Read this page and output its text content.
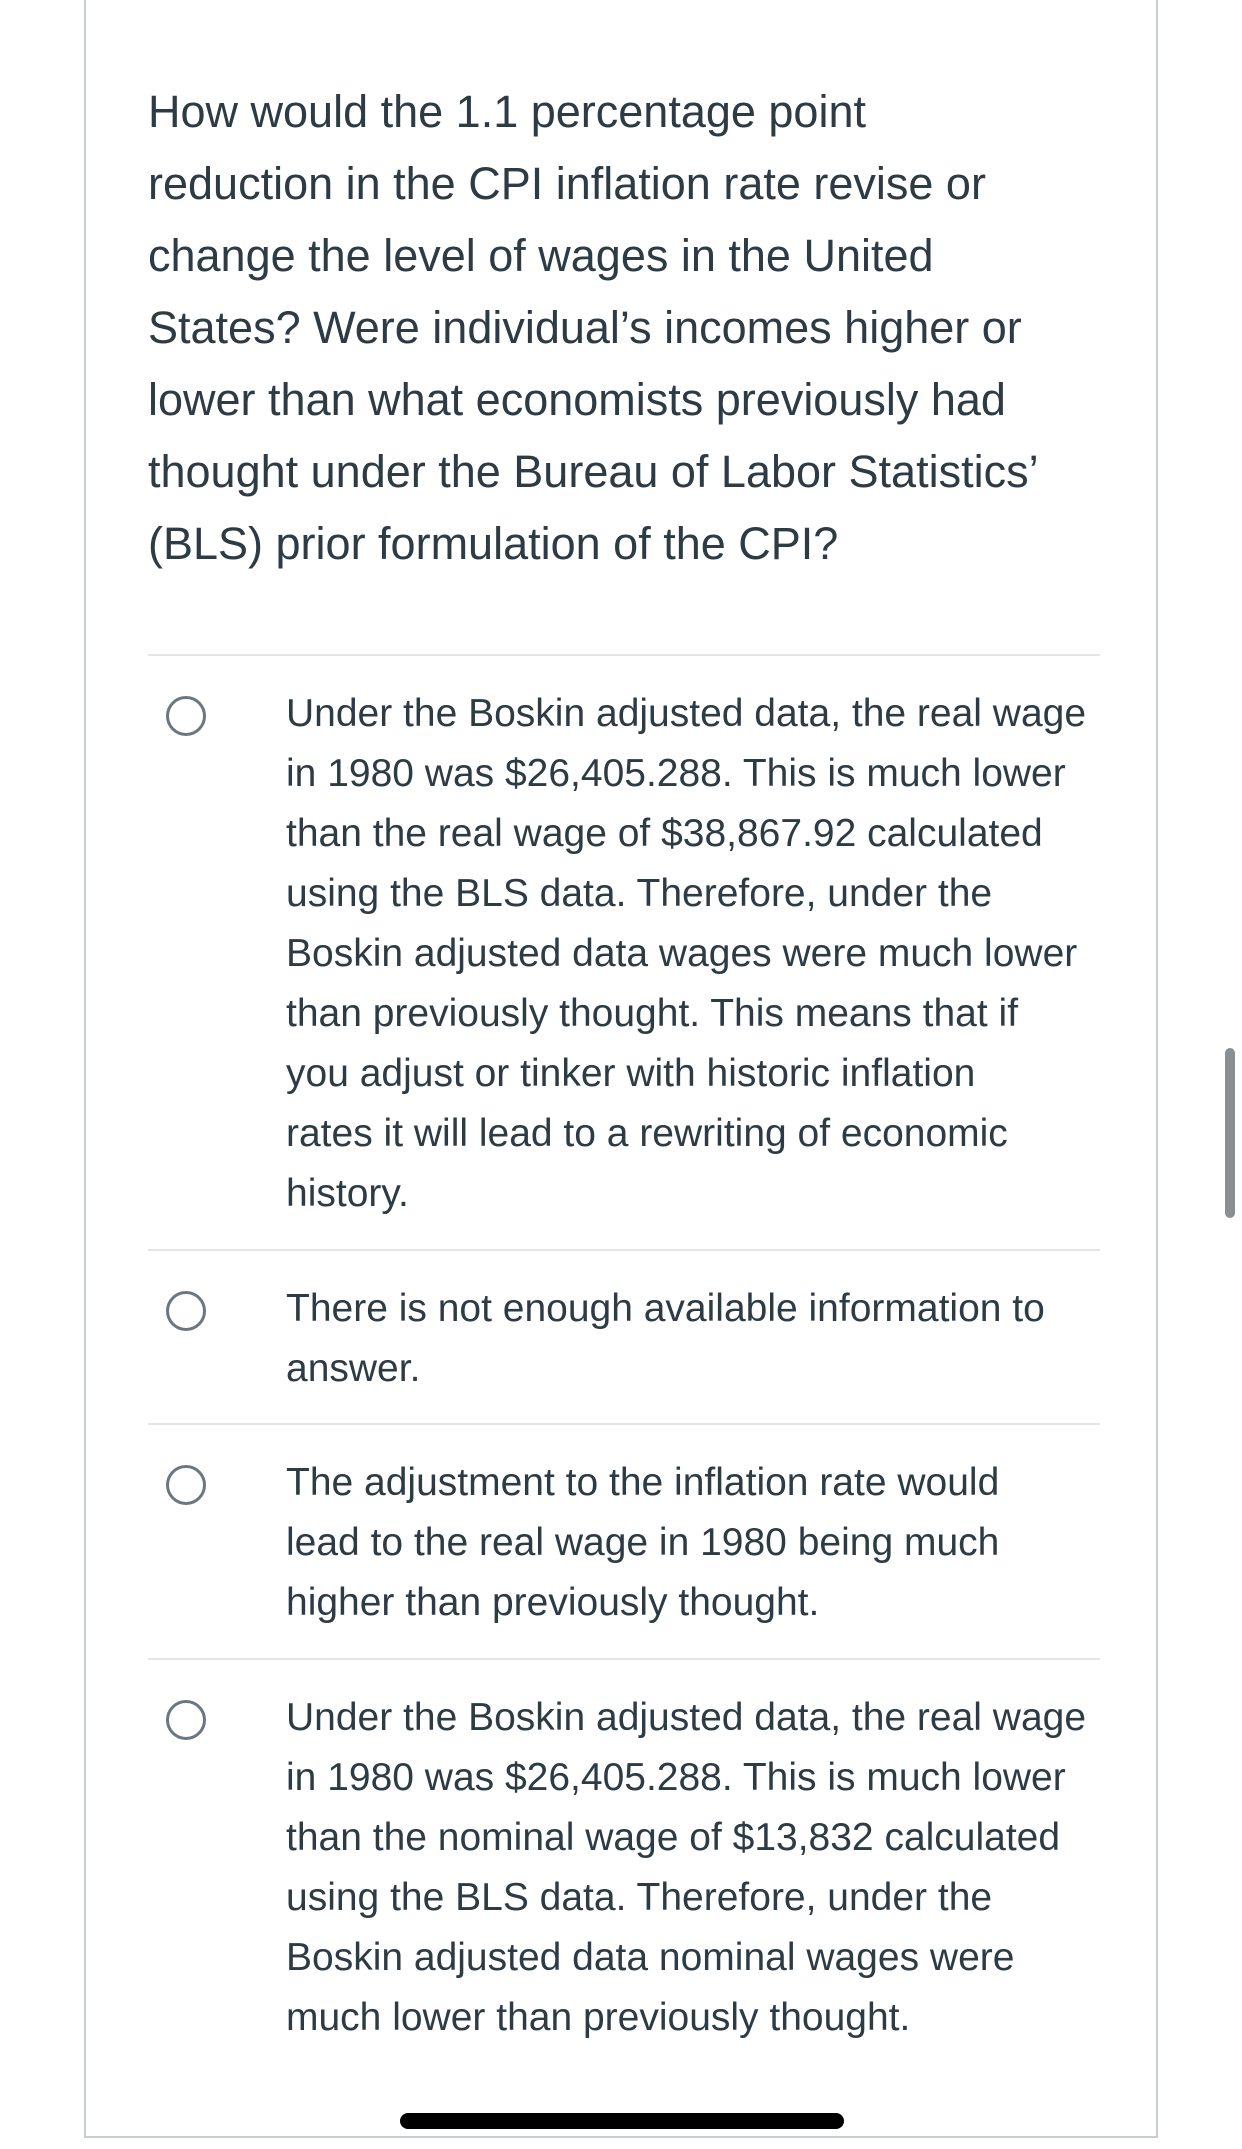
How would the 1.1 percentage point
reduction in the CPI inflation rate revise or
change the level of wages in the United
States? Were individual’s incomes higher or
lower than what economists previously had
thought under the Bureau of Labor Statistics’
(BLS) prior formulation of the CPI?
Under the Boskin adjusted data, the real wage
in 1980 was $26,405.288. This is much lower
than the real wage of $38,867.92 calculated
using the BLS data. Therefore, under the
Boskin adjusted data wages were much lower
than previously thought. This means that if
you adjust or tinker with historic inflation
rates it will lead to a rewriting of economic
history.
There is not enough available information to
answer.
The adjustment to the inflation rate would
lead to the real wage in 1980 being much
higher than previously thought.
Under the Boskin adjusted data, the real wage
in 1980 was $26,405.288. This is much lower
than the nominal wage of $13,832 calculated
using the BLS data. Therefore, under the
Boskin adjusted data nominal wages were
much lower than previously thought.
